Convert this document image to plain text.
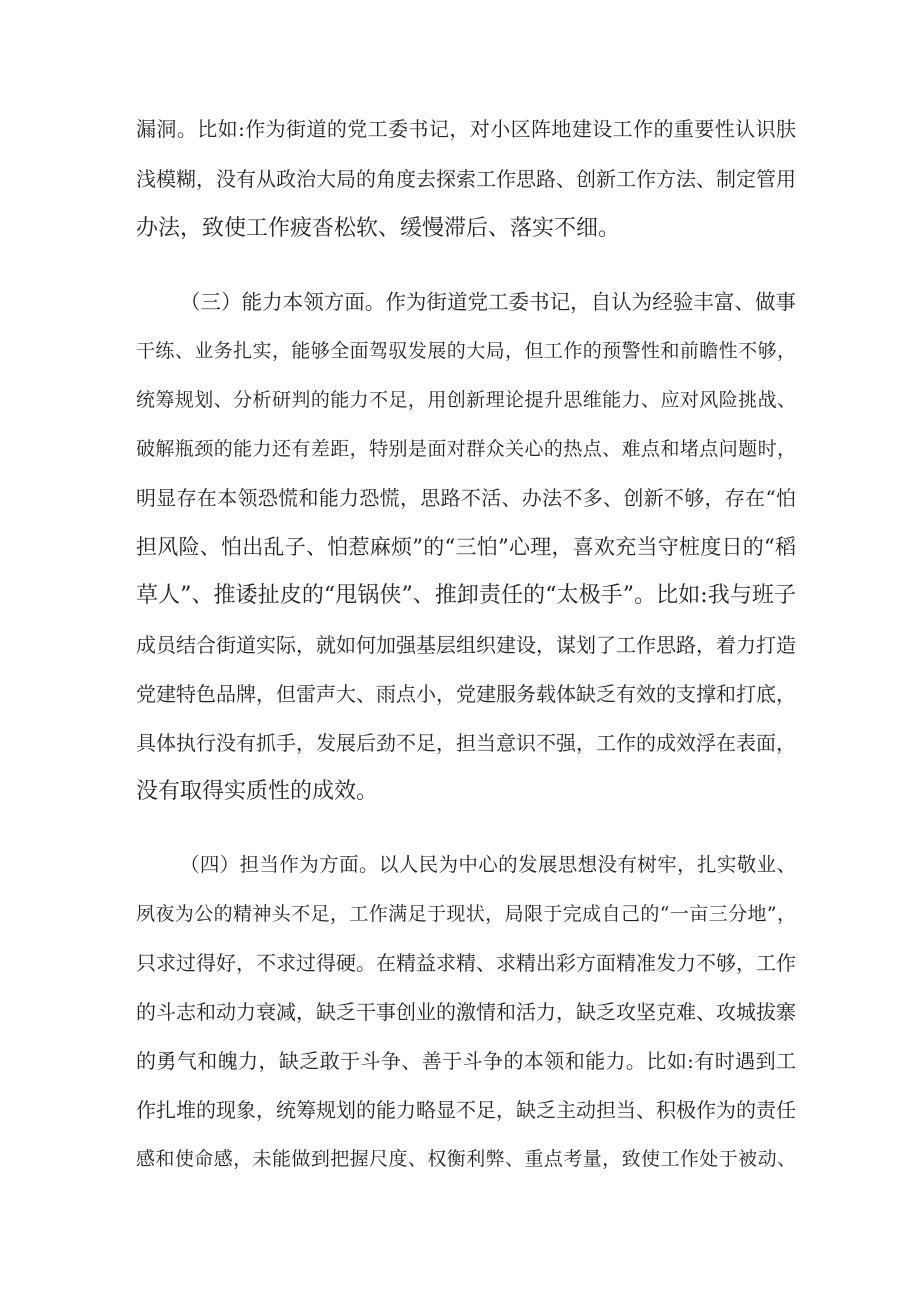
漏洞。比如:作为街道的党工委书记，对小区阵地建设工作的重要性认识肤

浅模糊，没有从政治大局的角度去探索工作思路、创新工作方法、制定管用

办法，致使工作疲沓松软、缓慢滞后、落实不细。

（三）能力本领方面。作为街道党工委书记，自认为经验丰富、做事

干练、业务扎实，能够全面驾驭发展的大局，但工作的预警性和前瞻性不够，

统筹规划、分析研判的能力不足，用创新理论提升思维能力、应对风险挑战、

破解瓶颈的能力还有差距，特别是面对群众关心的热点、难点和堵点问题时，

明显存在本领恐慌和能力恐慌，思路不活、办法不多、创新不够，存在“怕

担风险、怕出乱子、怕惹麻烦”的“三怕”心理，喜欢充当守桩度日的“稻

草人”、推诿扯皮的“甩锅侠”、推卸责任的“太极手”。比如:我与班子

成员结合街道实际，就如何加强基层组织建设，谋划了工作思路，着力打造

党建特色品牌，但雷声大、雨点小，党建服务载体缺乏有效的支撑和打底，

具体执行没有抓手，发展后劲不足，担当意识不强，工作的成效浮在表面，

没有取得实质性的成效。

（四）担当作为方面。以人民为中心的发展思想没有树牢，扎实敬业、

夙夜为公的精神头不足，工作满足于现状，局限于完成自己的“一亩三分地”，

只求过得好，不求过得硬。在精益求精、求精出彩方面精准发力不够，工作

的斗志和动力衰减，缺乏干事创业的激情和活力，缺乏攻坚克难、攻城拔寨

的勇气和魄力，缺乏敢于斗争、善于斗争的本领和能力。比如:有时遇到工

作扎堆的现象，统筹规划的能力略显不足，缺乏主动担当、积极作为的责任

感和使命感，未能做到把握尺度、权衡利弊、重点考量，致使工作处于被动、
